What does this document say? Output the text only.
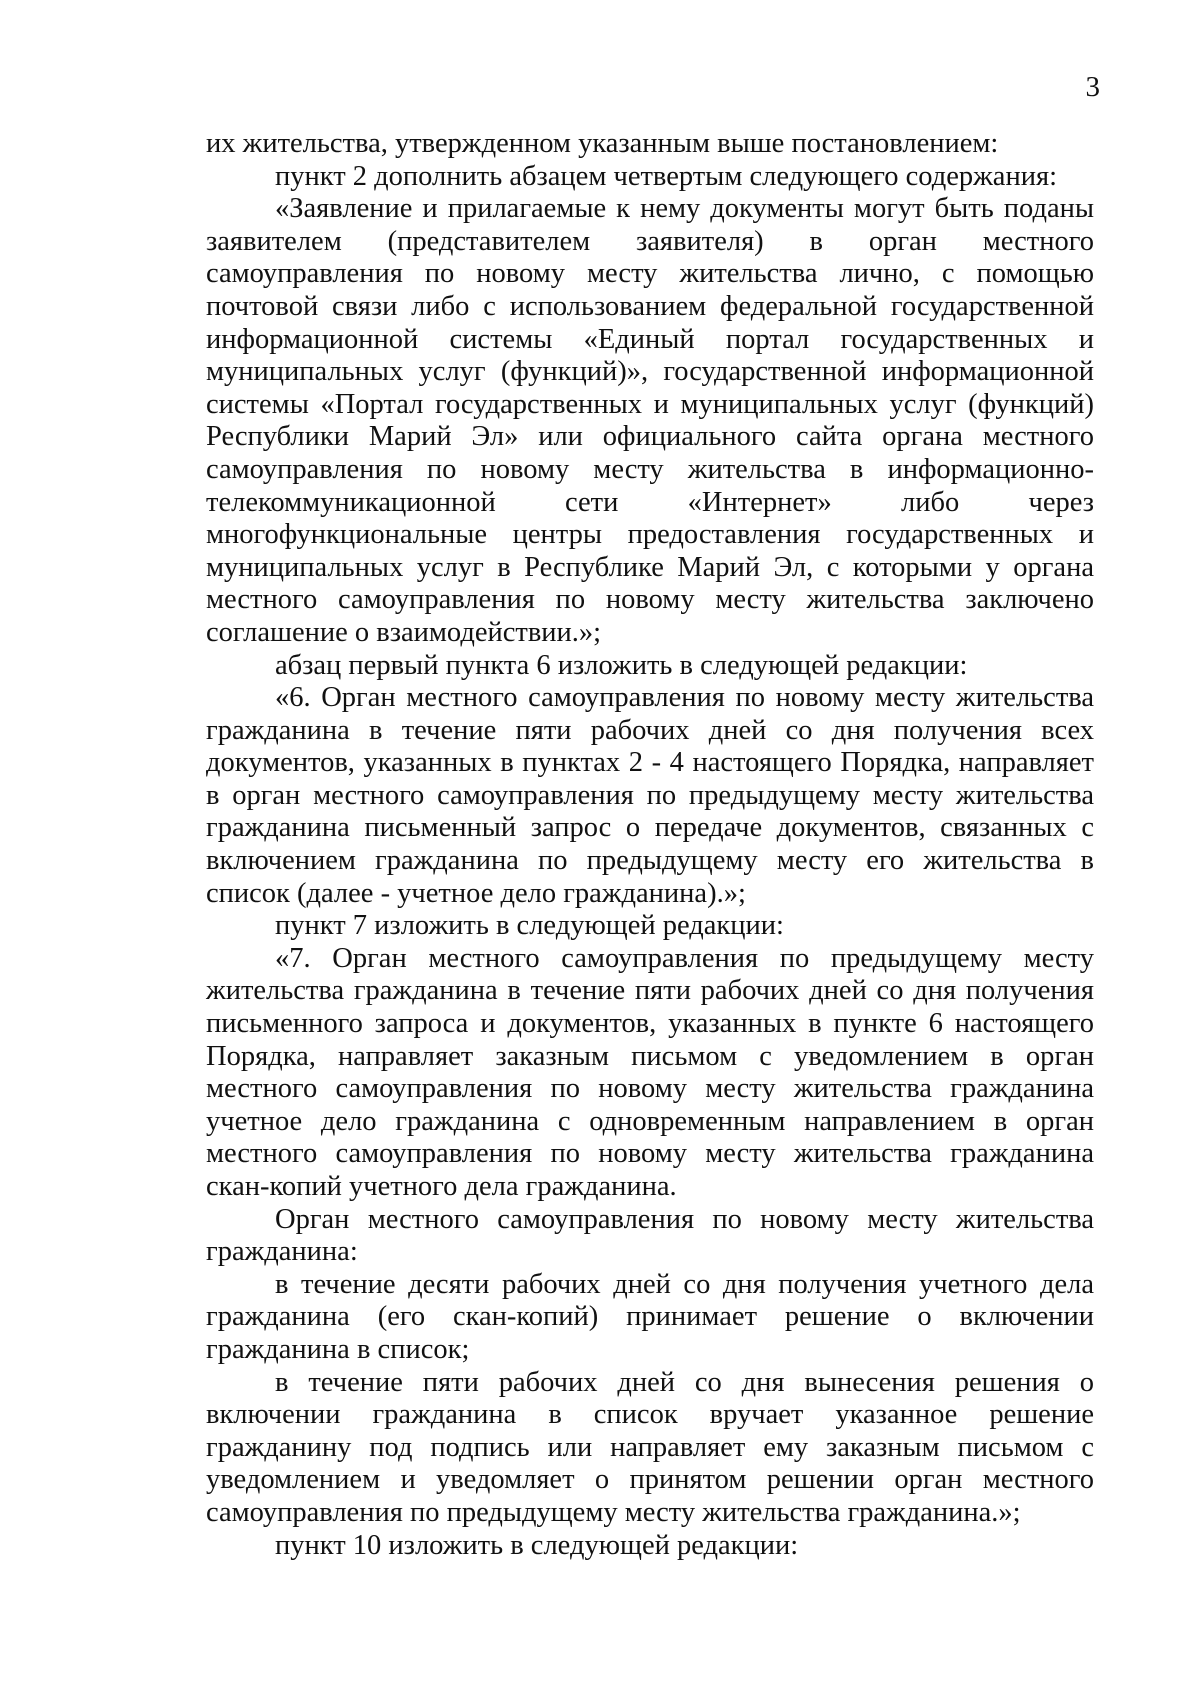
3

их жительства, утвержденном указанным выше постановлением:

пункт 2 дополнить абзацем четвертым следующего содержания:

«Заявление и прилагаемые к нему документы могут быть поданы заявителем (представителем заявителя) в орган местного самоуправления по новому месту жительства лично, с помощью почтовой связи либо с использованием федеральной государственной информационной системы «Единый портал государственных и муниципальных услуг (функций)», государственной информационной системы «Портал государственных и муниципальных услуг (функций) Республики Марий Эл» или официального сайта органа местного самоуправления по новому месту жительства в информационно-телекоммуникационной сети «Интернет» либо через многофункциональные центры предоставления государственных и муниципальных услуг в Республике Марий Эл, с которыми у органа местного самоуправления по новому месту жительства заключено соглашение о взаимодействии.»;

абзац первый пункта 6 изложить в следующей редакции:

«6. Орган местного самоуправления по новому месту жительства гражданина в течение пяти рабочих дней со дня получения всех документов, указанных в пунктах 2 - 4 настоящего Порядка, направляет в орган местного самоуправления по предыдущему месту жительства гражданина письменный запрос о передаче документов, связанных с включением гражданина по предыдущему месту его жительства в список (далее - учетное дело гражданина).»;

пункт 7 изложить в следующей редакции:

«7. Орган местного самоуправления по предыдущему месту жительства гражданина в течение пяти рабочих дней со дня получения письменного запроса и документов, указанных в пункте 6 настоящего Порядка, направляет заказным письмом с уведомлением в орган местного самоуправления по новому месту жительства гражданина учетное дело гражданина с одновременным направлением в орган местного самоуправления по новому месту жительства гражданина скан-копий учетного дела гражданина.

Орган местного самоуправления по новому месту жительства гражданина:

в течение десяти рабочих дней со дня получения учетного дела гражданина (его скан-копий) принимает решение о включении гражданина в список;

в течение пяти рабочих дней со дня вынесения решения о включении гражданина в список вручает указанное решение гражданину под подпись или направляет ему заказным письмом с уведомлением и уведомляет о принятом решении орган местного самоуправления по предыдущему месту жительства гражданина.»;

пункт 10 изложить в следующей редакции:
